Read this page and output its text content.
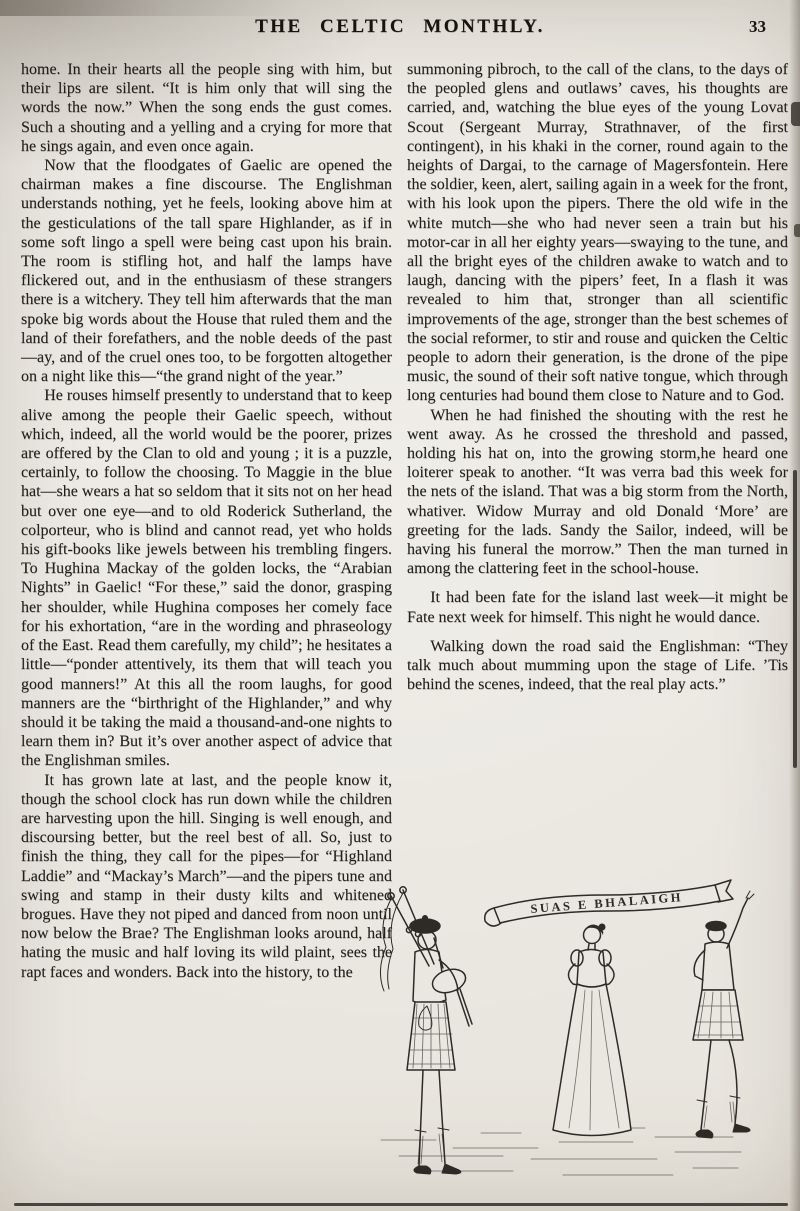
THE CELTIC MONTHLY.	33

home. In their hearts all the people sing with him, but their lips are silent. “It is him only that will sing the words the now.” When the song ends the gust comes. Such a shouting and a yelling and a crying for more that he sings again, and even once again.

Now that the floodgates of Gaelic are opened the chairman makes a fine discourse. The Englishman understands nothing, yet he feels, looking above him at the gesticulations of the tall spare Highlander, as if in some soft lingo a spell were being cast upon his brain. The room is stifling hot, and half the lamps have flickered out, and in the enthusiasm of these strangers there is a witchery. They tell him afterwards that the man spoke big words about the House that ruled them and the land of their forefathers, and the noble deeds of the past—ay, and of the cruel ones too, to be forgotten altogether on a night like this—“the grand night of the year.”

He rouses himself presently to understand that to keep alive among the people their Gaelic speech, without which, indeed, all the world would be the poorer, prizes are offered by the Clan to old and young ; it is a puzzle, certainly, to follow the choosing. To Maggie in the blue hat—she wears a hat so seldom that it sits not on her head but over one eye—and to old Roderick Sutherland, the colporteur, who is blind and cannot read, yet who holds his gift-books like jewels between his trembling fingers. To Hughina Mackay of the golden locks, the “Arabian Nights” in Gaelic! “For these,” said the donor, grasping her shoulder, while Hughina composes her comely face for his exhortation, “are in the wording and phraseology of the East. Read them carefully, my child”; he hesitates a little—“ponder attentively, its them that will teach you good manners!” At this all the room laughs, for good manners are the “birthright of the Highlander,” and why should it be taking the maid a thousand-and-one nights to learn them in? But it’s over another aspect of advice that the Englishman smiles.

It has grown late at last, and the people know it, though the school clock has run down while the children are harvesting upon the hill. Singing is well enough, and discoursing better, but the reel best of all. So, just to finish the thing, they call for the pipes—for “Highland Laddie” and “Mackay’s March”—and the pipers tune and swing and stamp in their dusty kilts and whitened brogues. Have they not piped and danced from noon until now below the Brae? The Englishman looks around, half hating the music and half loving its wild plaint, sees the rapt faces and wonders. Back into the history, to the

summoning pibroch, to the call of the clans, to the days of the peopled glens and outlaws’ caves, his thoughts are carried, and, watching the blue eyes of the young Lovat Scout (Sergeant Murray, Strathnaver, of the first contingent), in his khaki in the corner, round again to the heights of Dargai, to the carnage of Magersfontein. Here the soldier, keen, alert, sailing again in a week for the front, with his look upon the pipers. There the old wife in the white mutch—she who had never seen a train but his motor-car in all her eighty years—swaying to the tune, and all the bright eyes of the children awake to watch and to laugh, dancing with the pipers’ feet, In a flash it was revealed to him that, stronger than all scientific improvements of the age, stronger than the best schemes of the social reformer, to stir and rouse and quicken the Celtic people to adorn their generation, is the drone of the pipe music, the sound of their soft native tongue, which through long centuries had bound them close to Nature and to God.

When he had finished the shouting with the rest he went away. As he crossed the threshold and passed, holding his hat on, into the growing storm,he heard one loiterer speak to another. “It was verra bad this week for the nets of the island. That was a big storm from the North, whativer. Widow Murray and old Donald ‘More’ are greeting for the lads. Sandy the Sailor, indeed, will be having his funeral the morrow.” Then the man turned in among the clattering feet in the school-house.

It had been fate for the island last week—it might be Fate next week for himself. This night he would dance.

Walking down the road said the Englishman: “They talk much about mumming upon the stage of Life. ’Tis behind the scenes, indeed, that the real play acts.”

SUAS E BHALAIGH
